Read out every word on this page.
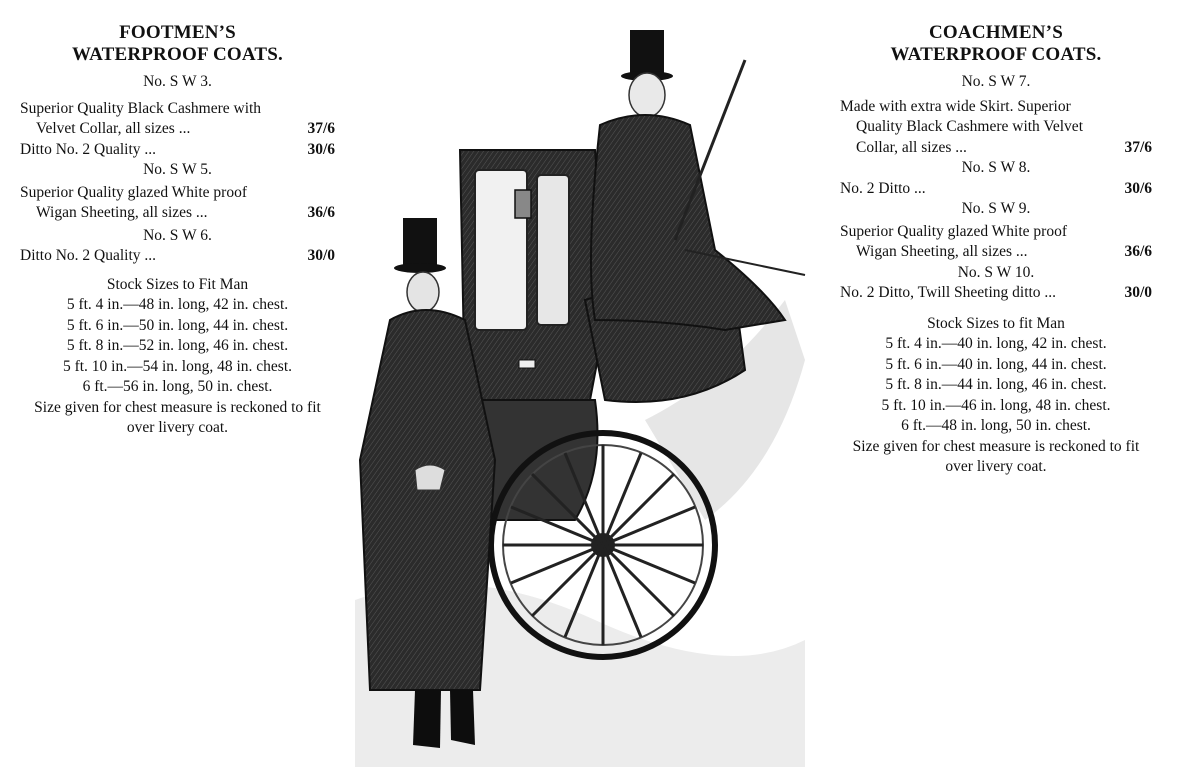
FOOTMEN’S
WATERPROOF COATS.
No. S W 3.
Superior Quality Black Cashmere with
Velvet Collar, all sizes ...	37/6
Ditto No. 2 Quality ...	30/6
No. S W 5.
Superior Quality glazed White proof
Wigan Sheeting, all sizes ...	36/6
No. S W 6.
Ditto No. 2 Quality ...	30/0
Stock Sizes to Fit Man
5 ft. 4 in.—48 in. long, 42 in. chest.
5 ft. 6 in.—50 in. long, 44 in. chest.
5 ft. 8 in.—52 in. long, 46 in. chest.
5 ft. 10 in.—54 in. long, 48 in. chest.
6 ft.—56 in. long, 50 in. chest.
Size given for chest measure is reckoned to fit
over livery coat.
COACHMEN’S
WATERPROOF COATS.
No. S W 7.
Made with extra wide Skirt. Superior
Quality Black Cashmere with Velvet
Collar, all sizes ...	37/6
No. S W 8.
No. 2 Ditto ...	30/6
No. S W 9.
Superior Quality glazed White proof
Wigan Sheeting, all sizes ...	36/6
No. S W 10.
No. 2 Ditto, Twill Sheeting ditto ...	30/0
Stock Sizes to fit Man
5 ft. 4 in.—40 in. long, 42 in. chest.
5 ft. 6 in.—40 in. long, 44 in. chest.
5 ft. 8 in.—44 in. long, 46 in. chest.
5 ft. 10 in.—46 in. long, 48 in. chest.
6 ft.—48 in. long, 50 in. chest.
Size given for chest measure is reckoned to fit
over livery coat.
